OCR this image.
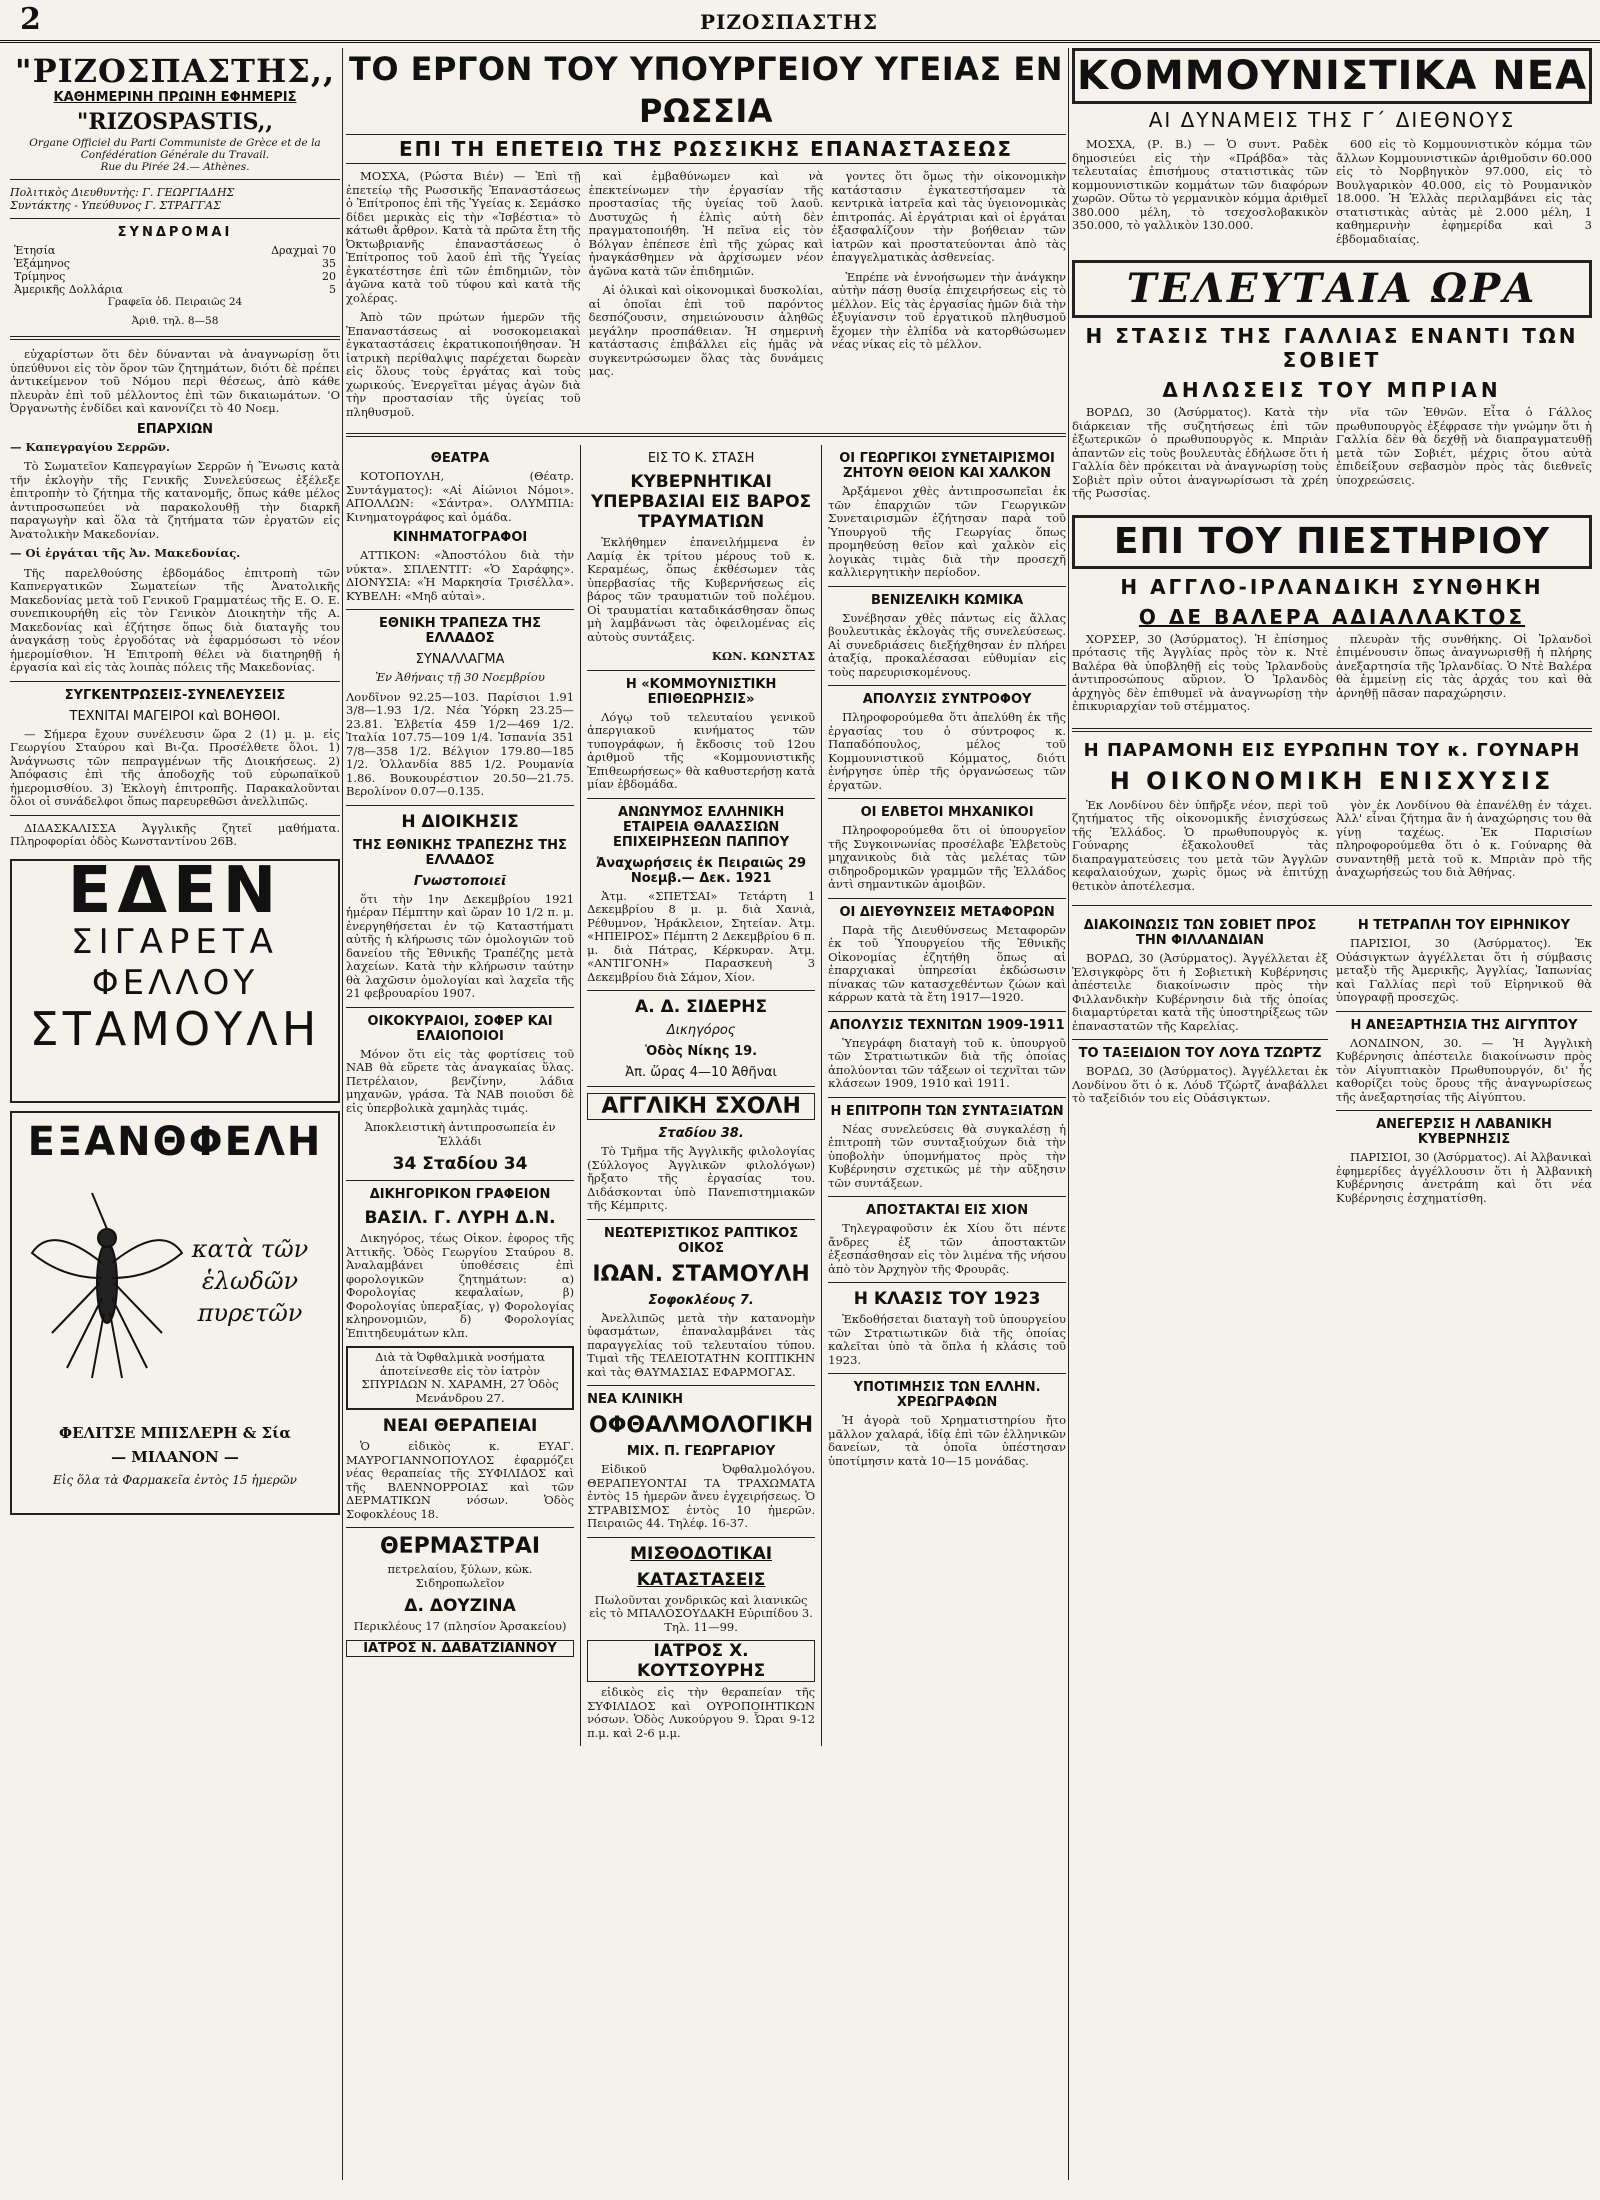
2	ΡΙΖΟΣΠΑΣΤΗΣ
"ΡΙΖΟΣΠΑΣΤΗΣ,,
ΚΑΘΗΜΕΡΙΝΗ ΠΡΩΙΝΗ ΕΦΗΜΕΡΙΣ
"RIZOSPASTIS,,
Organe Officiel du Parti Communiste de Grèce et de la Confédération Générale du Travail.
Rue du Pirée 24.— Athènes.
Πολιτικὸς Διευθυντὴς: Γ. ΓΕΩΡΓΙΑΔΗΣ
Συντάκτης - Υπεύθυνος Γ. ΣΤΡΑΓΓΑΣ
ΣΥΝΔΡΟΜΑΙ
Ἐτησία	Δραχμαὶ 70
Ἑξάμηνος	35
Τρίμηνος	20
Ἀμερικῆς Δολλάρια	5
Γραφεῖα ὁδ. Πειραιῶς 24
Ἀριθ. τηλ. 8—58

εὐχαρίστων ὅτι δὲν δύνανται νὰ ἀναγνωρίσῃ ὅτι ὑπεύθυνοι εἰς τὸν ὅρον τῶν ζητημάτων, διότι δὲ πρέπει ἀντικείμενον τοῦ Νόμου περὶ θέσεως, ἀπὸ κάθε πλευρὰν ἐπὶ τοῦ μέλλοντος ἐπὶ τῶν δικαιωμάτων. 'Ο Ὀργανωτὴς ἐνδίδει καὶ κανονίζει τὸ 40 Νοεμ.

ΕΠΑΡΧΙΩΝ

— Καπεγραγίου Σερρῶν.

Τὸ Σωματεῖον Καπεγραγίων Σερρῶν ἠ Ἕνωσις κατὰ τῆν ἐκλογὴν τῆς Γενικῆς Συνελεύσεως ἐξέλεξε ἐπιτροπὴν τὸ ζήτημα τῆς κατανομῆς, ὅπως κάθε μέλος ἀντιπροσωπεύει νὰ παρακολουθῇ τὴν διαρκῆ παραγωγὴν καὶ ὅλα τὰ ζητήματα τῶν ἐργατῶν εἰς Ἀνατολικὴν Μακεδονίαν.

— Οἱ ἐργάται τῆς Ἀν. Μακεδονίας.

Τῆς παρελθούσης ἑβδομάδος ἐπιτροπὴ τῶν Καπνεργατικῶν Σωματείων τῆς Ἀνατολικῆς Μακεδονίας μετὰ τοῦ Γενικοῦ Γραμματέως τῆς Ε. Ο. Ε. συνεπικουρήθη εἰς τὸν Γενικὸν Διοικητὴν τῆς Α. Μακεδονίας καὶ ἐζήτησε ὅπως διὰ διαταγῆς του ἀναγκάσῃ τοὺς ἐργοδότας νὰ ἐφαρμόσωσι τὸ νέον ἡμερομίσθιον. Ἡ Ἐπιτροπὴ θέλει νὰ διατηρηθῇ ἡ ἐργασία καὶ εἰς τὰς λοιπὰς πόλεις τῆς Μακεδονίας.

ΣΥΓΚΕΝΤΡΩΣΕΙΣ-ΣΥΝΕΛΕΥΣΕΙΣ
ΤΕΧΝΙΤΑΙ ΜΑΓΕΙΡΟΙ καὶ ΒΟΗΘΟΙ.

— Σήμερα ἔχουν συνέλευσιν ὥρα 2 (1) μ. μ. εἰς Γεωργίου Σταύρου καὶ Βι-ζα. Προσέλθετε ὅλοι. 1) Ἀνάγνωσις τῶν πεπραγμένων τῆς Διοικήσεως. 2) Ἀπόφασις ἐπὶ τῆς ἀποδοχῆς τοῦ εὐρωπαϊκοῦ ἡμερομισθίου. 3) Ἐκλογὴ ἐπιτροπῆς. Παρακαλοῦνται ὅλοι οἱ συνάδελφοι ὅπως παρευρεθῶσι ἀνελλιπῶς.

ΔΙΔΑΣΚΑΛΙΣΣΑ Ἀγγλικῆς ζητεῖ μαθήματα. Πληροφορίαι ὁδὸς Κωνσταντίνου 26Β.

ΕΔΕΝ
ΣΙΓΑΡΕΤΑ
ΦΕΛΛΟΥ
ΣΤΑΜΟΥΛΗ
ΕΞΑΝΘΦΕΛΗ
κατὰ τῶν ἑλωδῶν πυρετῶν
ΦΕΛΙΤΣΕ ΜΠΙΣΛΕΡΗ & Σία
— ΜΙΛΑΝΟΝ —
Εἰς ὅλα τὰ Φαρμακεῖα ἐντὸς 15 ἡμερῶν
ΤΟ ΕΡΓΟΝ ΤΟΥ ΥΠΟΥΡΓΕΙΟΥ ΥΓΕΙΑΣ ΕΝ ΡΩΣΣΙΑ
ΕΠΙ ΤΗ ΕΠΕΤΕΙΩ ΤΗΣ ΡΩΣΣΙΚΗΣ ΕΠΑΝΑΣΤΑΣΕΩΣ

ΜΟΣΧΑ, (Ρώστα Βιέν) — Ἐπὶ τῇ ἐπετείῳ τῆς Ρωσσικῆς Ἐπαναστάσεως ὁ Ἐπίτροπος ἐπὶ τῆς Ὑγείας κ. Σεμάσκο δίδει μερικὰς εἰς τὴν «Ἰσβέστια» τὸ κάτωθι ἄρθρον. Κατὰ τὰ πρῶτα ἔτη τῆς Ὀκτωβριανῆς ἐπαναστάσεως ὁ Ἐπίτροπος τοῦ λαοῦ ἐπὶ τῆς Ὑγείας ἐγκατέστησε ἐπὶ τῶν ἐπιδημιῶν, τὸν ἀγῶνα κατὰ τοῦ τύφου καὶ κατὰ τῆς χολέρας.

Ἀπὸ τῶν πρώτων ἡμερῶν τῆς Ἐπαναστάσεως αἱ νοσοκομειακαὶ ἐγκαταστάσεις ἐκρατικοποιήθησαν. Ἡ ἰατρικὴ περίθαλψις παρέχεται δωρεὰν εἰς ὅλους τοὺς ἐργάτας καὶ τοὺς χωρικούς. Ἐνεργεῖται μέγας ἀγὼν διὰ τὴν προστασίαν τῆς ὑγείας τοῦ πληθυσμοῦ.

καὶ ἐμβαθύνωμεν καὶ νὰ ἐπεκτείνωμεν τὴν ἐργασίαν τῆς προστασίας τῆς ὑγείας τοῦ λαοῦ. Δυστυχῶς ἡ ἐλπὶς αὐτὴ δὲν πραγματοποιήθη. Ἡ πεῖνα εἰς τὸν Βόλγαν ἐπέπεσε ἐπὶ τῆς χώρας καὶ ἠναγκάσθημεν νὰ ἀρχίσωμεν νέον ἀγῶνα κατὰ τῶν ἐπιδημιῶν.

Αἱ ὁλικαὶ καὶ οἰκονομικαὶ δυσκολίαι, αἱ ὁποῖαι ἐπὶ τοῦ παρόντος δεσπόζουσιν, σημειώνουσιν ἀληθῶς μεγάλην προσπάθειαν. Ἡ σημερινὴ κατάστασις ἐπιβάλλει εἰς ἡμᾶς νὰ συγκεντρώσωμεν ὅλας τὰς δυνάμεις μας.

γοντες ὅτι ὅμως τὴν οἰκονομικὴν κατάστασιν ἐγκατεστήσαμεν τὰ κεντρικὰ ἰατρεῖα καὶ τὰς ὑγειονομικὰς ἐπιτροπάς. Αἱ ἐργάτριαι καὶ οἱ ἐργάται ἐξασφαλίζουν τὴν βοήθειαν τῶν ἰατρῶν καὶ προστατεύονται ἀπὸ τὰς ἐπαγγελματικὰς ἀσθενείας.

Ἐπρέπε νὰ ἐννοήσωμεν τὴν ἀνάγκην αὐτὴν πάσῃ θυσίᾳ ἐπιχειρήσεως εἰς τὸ μέλλον. Εἰς τὰς ἐργασίας ἡμῶν διὰ τὴν ἐξυγίανσιν τοῦ ἐργατικοῦ πληθυσμοῦ ἔχομεν τὴν ἐλπίδα νὰ κατορθώσωμεν νέας νίκας εἰς τὸ μέλλον.

ΘΕΑΤΡΑ

ΚΟΤΟΠΟΥΛΗ, (Θέατρ. Συντάγματος): «Αἱ Αἰώνιοι Νόμοι». ΑΠΟΛΛΩΝ: «Σάντρα». ΟΛΥΜΠΙΑ: Κινηματογράφος καὶ ὁμάδα.

ΚΙΝΗΜΑΤΟΓΡΑΦΟΙ

ΑΤΤΙΚΟΝ: «Ἀποστόλου διὰ τὴν νύκτα». ΣΠΛΕΝΤΙΤ: «Ὁ Σαράφης». ΔΙΟΝΥΣΙΑ: «Ἡ Μαρκησία Τρισέλλα». ΚΥΒΕΛΗ: «Μηδ αὐταὶ».

ΕΘΝΙΚΗ ΤΡΑΠΕΖΑ ΤΗΣ ΕΛΛΑΔΟΣ
ΣΥΝΑΛΛΑΓΜΑ

Ἐν Ἀθήναις τῇ 30 Νοεμβρίου

Λονδῖνον 92.25—103. Παρίσιοι 1.91 3/8—1.93 1/2. Νέα Ὑόρκη 23.25—23.81. Ἑλβετία 459 1/2—469 1/2. Ἰταλία 107.75—109 1/4. Ἰσπανία 351 7/8—358 1/2. Βέλγιον 179.80—185 1/2. Ὁλλανδία 885 1/2. Ρουμανία 1.86. Βουκουρέστιον 20.50—21.75. Βερολίνον 0.07—0.135.

Η ΔΙΟΙΚΗΣΙΣ
ΤΗΣ ΕΘΝΙΚΗΣ ΤΡΑΠΕΖΗΣ ΤΗΣ ΕΛΛΑΔΟΣ
Γνωστοποιεῖ

ὅτι τὴν 1ην Δεκεμβρίου 1921 ἡμέραν Πέμπτην καὶ ὥραν 10 1/2 π. μ. ἐνεργηθήσεται ἐν τῷ Καταστήματι αὐτῆς ἡ κλήρωσις τῶν ὁμολογιῶν τοῦ δανείου τῆς Ἐθνικῆς Τραπέζης μετὰ λαχείων. Κατὰ τὴν κλήρωσιν ταύτην θὰ λαχῶσιν ὁμολογίαι καὶ λαχεῖα τῆς 21 φεβρουαρίου 1907.

ΟΙΚΟΚΥΡΑΙΟΙ, ΣΟΦΕΡ ΚΑΙ ΕΛΑΙΟΠΟΙΟΙ

Μόνον ὅτι εἰς τὰς φορτίσεις τοῦ NAB θὰ εὕρετε τὰς ἀναγκαίας ὕλας. Πετρέλαιον, βενζίνην, λάδια μηχανῶν, γράσα. Τὰ NAB ποιοῦσι δὲ εἰς ὑπερβολικὰ χαμηλὰς τιμάς.

Ἀποκλειστικὴ ἀντιπροσωπεία ἐν Ἑλλάδι

34 Σταδίου 34
ΔΙΚΗΓΟΡΙΚΟΝ ΓΡΑΦΕΙΟΝ
ΒΑΣΙΛ. Γ. ΛΥΡΗ Δ.Ν.

Δικηγόρος, τέως Οἰκον. ἐφορος τῆς Ἀττικῆς. Ὁδὸς Γεωργίου Σταύρου 8. Ἀναλαμβάνει ὑποθέσεις ἐπὶ φορολογικῶν ζητημάτων: α) Φορολογίας κεφαλαίων, β) Φορολογίας ὑπεραξίας, γ) Φορολογίας κληρονομιῶν, δ) Φορολογίας Ἐπιτηδευμάτων κλπ.

Διὰ τὰ Ὀφθαλμικὰ νοσήματα ἀποτείνεσθε εἰς τὸν ἰατρὸν ΣΠΥΡΙΔΩΝ Ν. ΧΑΡΑΜΗ, 27 Ὁδὸς Μενάνδρου 27.

ΝΕΑΙ ΘΕΡΑΠΕΙΑΙ

Ὁ εἰδικὸς κ. ΕΥΑΓ. ΜΑΥΡΟΓΙΑΝΝΟΠΟΥΛΟΣ ἐφαρμόζει νέας θεραπείας τῆς ΣΥΦΙΛΙΔΟΣ καὶ τῆς ΒΛΕΝΝΟΡΡΟΙΑΣ καὶ τῶν ΔΕΡΜΑΤΙΚΩΝ νόσων. Ὁδὸς Σοφοκλέους 18.

ΘΕΡΜΑΣΤΡΑΙ

πετρελαίου, ξύλων, κὼκ. Σιδηροπωλεῖον

Δ. ΔΟΥΖΙΝΑ

Περικλέους 17 (πλησίον Ἀρσακείου)

ΙΑΤΡΟΣ Ν. ΔΑΒΑΤΖΙΑΝΝΟΥ
ΕΙΣ ΤΟ Κ. ΣΤΑΣΗ
ΚΥΒΕΡΝΗΤΙΚΑΙ ΥΠΕΡΒΑΣΙΑΙ ΕΙΣ ΒΑΡΟΣ ΤΡΑΥΜΑΤΙΩΝ

Ἐκλήθημεν ἐπανειλήμμενα ἐν Λαμίᾳ ἐκ τρίτου μέρους τοῦ κ. Κεραμέως, ὅπως ἐκθέσωμεν τὰς ὑπερβασίας τῆς Κυβερνήσεως εἰς βάρος τῶν τραυματιῶν τοῦ πολέμου. Οἱ τραυματίαι καταδικάσθησαν ὅπως μὴ λαμβάνωσι τὰς ὀφειλομένας εἰς αὐτοὺς συντάξεις.

ΚΩΝ. ΚΩΝΣΤΑΣ

Η «ΚΟΜΜΟΥΝΙΣΤΙΚΗ ΕΠΙΘΕΩΡΗΣΙΣ»

Λόγῳ τοῦ τελευταίου γενικοῦ ἀπεργιακοῦ κινήματος τῶν τυπογράφων, ἡ ἔκδοσις τοῦ 12ου ἀριθμοῦ τῆς «Κομμουνιστικῆς Ἐπιθεωρήσεως» θὰ καθυστερήσῃ κατὰ μίαν ἑβδομάδα.

ΑΝΩΝΥΜΟΣ ΕΛΛΗΝΙΚΗ ΕΤΑΙΡΕΙΑ ΘΑΛΑΣΣΙΩΝ ΕΠΙΧΕΙΡΗΣΕΩΝ ΠΑΠΠΟΥ
Ἀναχωρήσεις ἐκ Πειραιῶς 29 Νοεμβ.— Δεκ. 1921

Ἀτμ. «ΣΠΕΤΣΑΙ» Τετάρτη 1 Δεκεμβρίου 8 μ. μ. διὰ Χανιὰ, Ρέθυμνον, Ἡράκλειον, Σητείαν. Ἀτμ. «ΗΠΕΙΡΟΣ» Πέμπτη 2 Δεκεμβρίου 6 π. μ. διὰ Πάτρας, Κέρκυραν. Ἀτμ. «ΑΝΤΙΓΟΝΗ» Παρασκευὴ 3 Δεκεμβρίου διὰ Σάμον, Χίον.

Α. Δ. ΣΙΔΕΡΗΣ
Δικηγόρος
Ὁδὸς Νίκης 19.
Ἀπ. ὥρας 4—10 Ἀθῆναι
ΑΓΓΛΙΚΗ ΣΧΟΛΗ
Σταδίου 38.

Τὸ Τμῆμα τῆς Ἀγγλικῆς φιλολογίας (Σύλλογος Ἀγγλικῶν φιλολόγων) ἤρξατο τῆς ἐργασίας του. Διδάσκονται ὑπὸ Πανεπιστημιακῶν τῆς Κέμπριτς.

ΝΕΩΤΕΡΙΣΤΙΚΟΣ ΡΑΠΤΙΚΟΣ ΟΙΚΟΣ
ΙΩΑΝ. ΣΤΑΜΟΥΛΗ
Σοφοκλέους 7.

Ἀνελλιπῶς μετὰ τὴν κατανομὴν ὑφασμάτων, ἐπαναλαμβάνει τὰς παραγγελίας τοῦ τελευταίου τύπου. Τιμαὶ τῆς ΤΕΛΕΙΟΤΑΤΗΝ ΚΟΠΤΙΚΗΝ καὶ τὰς ΘΑΥΜΑΣΙΑΣ ΕΦΑΡΜΟΓΑΣ.

ΝΕΑ ΚΛΙΝΙΚΗ
ΟΦΘΑΛΜΟΛΟΓΙΚΗ
ΜΙΧ. Π. ΓΕΩΡΓΑΡΙΟΥ

Εἰδικοῦ Ὀφθαλμολόγου. ΘΕΡΑΠΕΥΟΝΤΑΙ ΤΑ ΤΡΑΧΩΜΑΤΑ ἐντὸς 15 ἡμερῶν ἄνευ ἐγχειρήσεως. Ὁ ΣΤΡΑΒΙΣΜΟΣ ἐντὸς 10 ἡμερῶν. Πειραιῶς 44. Τηλέφ. 16-37.

ΜΙΣΘΟΔΟΤΙΚΑΙ
ΚΑΤΑΣΤΑΣΕΙΣ

Πωλοῦνται χονδρικῶς καὶ λιανικῶς εἰς τὸ ΜΠΑΛΟΣΟΥΔΑΚΗ Εὐριπίδου 3. Τηλ. 11—99.

ΙΑΤΡΟΣ Χ. ΚΟΥΤΣΟΥΡΗΣ

εἰδικὸς εἰς τὴν θεραπείαν τῆς ΣΥΦΙΛΙΔΟΣ καὶ ΟΥΡΟΠΟΙΗΤΙΚΩΝ νόσων. Ὁδὸς Λυκούργου 9. Ὧραι 9-12 π.μ. καὶ 2-6 μ.μ.

ΟΙ ΓΕΩΡΓΙΚΟΙ ΣΥΝΕΤΑΙΡΙΣΜΟΙ ΖΗΤΟΥΝ ΘΕΙΟΝ ΚΑΙ ΧΑΛΚΟΝ

Ἀρξάμενοι χθὲς ἀντιπροσωπεῖαι ἐκ τῶν ἐπαρχιῶν τῶν Γεωργικῶν Συνεταιρισμῶν ἐζήτησαν παρὰ τοῦ Ὑπουργοῦ τῆς Γεωργίας ὅπως προμηθεύσῃ θεῖον καὶ χαλκὸν εἰς λογικὰς τιμὰς διὰ τὴν προσεχῆ καλλιεργητικὴν περίοδον.

ΒΕΝΙΖΕΛΙΚΗ ΚΩΜΙΚΑ

Συνέβησαν χθὲς πάντως εἰς ἄλλας βουλευτικὰς ἐκλογὰς τῆς συνελεύσεως. Αἱ συνεδριάσεις διεξήχθησαν ἐν πλήρει ἀταξίᾳ, προκαλέσασαι εὐθυμίαν εἰς τοὺς παρευρισκομένους.

ΑΠΟΛΥΣΙΣ ΣΥΝΤΡΟΦΟΥ

Πληροφορούμεθα ὅτι ἀπελύθη ἐκ τῆς ἐργασίας του ὁ σύντροφος κ. Παπαδόπουλος, μέλος τοῦ Κομμουνιστικοῦ Κόμματος, διότι ἐνήργησε ὑπὲρ τῆς ὀργανώσεως τῶν ἐργατῶν.

ΟΙ ΕΛΒΕΤΟΙ ΜΗΧΑΝΙΚΟΙ

Πληροφορούμεθα ὅτι οἱ ὑπουργεῖον τῆς Συγκοινωνίας προσέλαβε Ἐλβετοὺς μηχανικοὺς διὰ τὰς μελέτας τῶν σιδηροδρομικῶν γραμμῶν τῆς Ἑλλάδος ἀντὶ σημαντικῶν ἀμοιβῶν.

ΟΙ ΔΙΕΥΘΥΝΣΕΙΣ ΜΕΤΑΦΟΡΩΝ

Παρὰ τῆς Διευθύνσεως Μεταφορῶν ἐκ τοῦ Ὑπουργείου τῆς Ἐθνικῆς Οἰκονομίας ἐζητήθη ὅπως αἱ ἐπαρχιακαὶ ὑπηρεσίαι ἐκδώσωσιν πίνακας τῶν κατασχεθέντων ζώων καὶ κάρρων κατὰ τὰ ἔτη 1917—1920.

ΑΠΟΛΥΣΙΣ ΤΕΧΝΙΤΩΝ 1909-1911

Ὑπεγράφη διαταγὴ τοῦ κ. ὑπουργοῦ τῶν Στρατιωτικῶν διὰ τῆς ὁποίας ἀπολύονται τῶν τάξεων οἱ τεχνῖται τῶν κλάσεων 1909, 1910 καὶ 1911.

Η ΕΠΙΤΡΟΠΗ ΤΩΝ ΣΥΝΤΑΞΙΑΤΩΝ

Νέας συνελεύσεις θὰ συγκαλέσῃ ἡ ἐπιτροπὴ τῶν συνταξιούχων διὰ τὴν ὑποβολὴν ὑπομνήματος πρὸς τὴν Κυβέρνησιν σχετικῶς μὲ τὴν αὔξησιν τῶν συντάξεων.

ΑΠΟΣΤΑΚΤΑΙ ΕΙΣ ΧΙΟΝ

Τηλεγραφοῦσιν ἐκ Χίου ὅτι πέντε ἄνδρες ἐξ τῶν ἀποστακτῶν ἐξεσπάσθησαν εἰς τὸν λιμένα τῆς νήσου ἀπὸ τὸν Ἀρχηγὸν τῆς Φρουρᾶς.

Η ΚΛΑΣΙΣ ΤΟΥ 1923

Ἐκδοθήσεται διαταγὴ τοῦ ὑπουργείου τῶν Στρατιωτικῶν διὰ τῆς ὁποίας καλεῖται ὑπὸ τὰ ὅπλα ἡ κλάσις τοῦ 1923.

ΥΠΟΤΙΜΗΣΙΣ ΤΩΝ ΕΛΛΗΝ. ΧΡΕΩΓΡΑΦΩΝ

Ἡ ἀγορὰ τοῦ Χρηματιστηρίου ἤτο μᾶλλον χαλαρά, ἰδίᾳ ἐπὶ τῶν ἑλληνικῶν δανείων, τὰ ὁποῖα ὑπέστησαν ὑποτίμησιν κατὰ 10—15 μονάδας.

ΚΟΜΜΟΥΝΙΣΤΙΚΑ ΝΕΑ
ΑΙ ΔΥΝΑΜΕΙΣ ΤΗΣ Γ΄ ΔΙΕΘΝΟΥΣ

ΜΟΣΧΑ, (Ρ. Β.) — Ὁ συντ. Ραδὲκ δημοσιεύει εἰς τὴν «Πράβδα» τὰς τελευταίας ἐπισήμους στατιστικὰς τῶν κομμουνιστικῶν κομμάτων τῶν διαφόρων χωρῶν. Οὕτω τὸ γερμανικὸν κόμμα ἀριθμεῖ 380.000 μέλη, τὸ τσεχοσλοβακικὸν 350.000, τὸ γαλλικὸν 130.000.

600 εἰς τὸ Κομμουνιστικὸν κόμμα τῶν ἄλλων Κομμουνιστικῶν ἀριθμοῦσιν 60.000 εἰς τὸ Νορβηγικὸν 97.000, εἰς τὸ Βουλγαρικὸν 40.000, εἰς τὸ Ρουμανικὸν 18.000. Ἡ Ἑλλὰς περιλαμβάνει εἰς τὰς στατιστικὰς αὐτὰς μὲ 2.000 μέλη, 1 καθημερινὴν ἐφημερίδα καὶ 3 ἑβδομαδιαίας.

ΤΕΛΕΥΤΑΙΑ ΩΡΑ
Η ΣΤΑΣΙΣ ΤΗΣ ΓΑΛΛΙΑΣ ΕΝΑΝΤΙ ΤΩΝ ΣΟΒΙΕΤ
ΔΗΛΩΣΕΙΣ ΤΟΥ ΜΠΡΙΑΝ

ΒΟΡΔΩ, 30 (Ἀσύρματος). Κατὰ τὴν διάρκειαν τῆς συζητήσεως ἐπὶ τῶν ἐξωτερικῶν ὁ πρωθυπουργὸς κ. Μπριὰν ἀπαντῶν εἰς τοὺς βουλευτὰς ἐδήλωσε ὅτι ἡ Γαλλία δὲν πρόκειται νὰ ἀναγνωρίσῃ τοὺς Σοβιὲτ πρὶν οὗτοι ἀναγνωρίσωσι τὰ χρέη τῆς Ρωσσίας.

νῖα τῶν Ἐθνῶν. Εἶτα ὁ Γάλλος πρωθυπουργὸς ἐξέφρασε τὴν γνώμην ὅτι ἡ Γαλλία δὲν θὰ δεχθῇ νὰ διαπραγματευθῇ μετὰ τῶν Σοβιέτ, μέχρις ὅτου αὐτὰ ἐπιδείξουν σεβασμὸν πρὸς τὰς διεθνεῖς ὑποχρεώσεις.

ΕΠΙ ΤΟΥ ΠΙΕΣΤΗΡΙΟΥ
Η ΑΓΓΛΟ-ΙΡΛΑΝΔΙΚΗ ΣΥΝΘΗΚΗ
Ο ΔΕ ΒΑΛΕΡΑ ΑΔΙΑΛΛΑΚΤΟΣ

ΧΟΡΣΕΡ, 30 (Ἀσύρματος). Ἡ ἐπίσημος πρότασις τῆς Ἀγγλίας πρὸς τὸν κ. Ντὲ Βαλέρα θὰ ὑποβληθῇ εἰς τοὺς Ἰρλανδοὺς ἀντιπροσώπους αὔριον. Ὁ Ἰρλανδὸς ἀρχηγὸς δὲν ἐπιθυμεῖ νὰ ἀναγνωρίσῃ τὴν ἐπικυριαρχίαν τοῦ στέμματος.

πλευρὰν τῆς συνθήκης. Οἱ Ἰρλανδοὶ ἐπιμένουσιν ὅπως ἀναγνωρισθῇ ἡ πλήρης ἀνεξαρτησία τῆς Ἰρλανδίας. Ὁ Ντὲ Βαλέρα θὰ ἐμμείνῃ εἰς τὰς ἀρχάς του καὶ θὰ ἀρνηθῇ πᾶσαν παραχώρησιν.

Η ΠΑΡΑΜΟΝΗ ΕΙΣ ΕΥΡΩΠΗΝ ΤΟΥ κ. ΓΟΥΝΑΡΗ
Η ΟΙΚΟΝΟΜΙΚΗ ΕΝΙΣΧΥΣΙΣ

Ἐκ Λονδίνου δὲν ὑπῆρξε νέον, περὶ τοῦ ζητήματος τῆς οἰκονομικῆς ἐνισχύσεως τῆς Ἑλλάδος. Ὁ πρωθυπουργὸς κ. Γούναρης ἐξακολουθεῖ τὰς διαπραγματεύσεις του μετὰ τῶν Ἀγγλῶν κεφαλαιούχων, χωρὶς ὅμως νὰ ἐπιτύχῃ θετικὸν ἀποτέλεσμα.

γὸν ἐκ Λονδίνου θὰ ἐπανέλθῃ ἐν τάχει. Ἀλλ' εἶναι ζήτημα ἂν ἡ ἀναχώρησις του θὰ γίνῃ ταχέως. Ἐκ Παρισίων πληροφορούμεθα ὅτι ὁ κ. Γούναρης θὰ συναντηθῇ μετὰ τοῦ κ. Μπριὰν πρὸ τῆς ἀναχωρήσεώς του διὰ Ἀθήνας.

ΔΙΑΚΟΙΝΩΣΙΣ ΤΩΝ ΣΟΒΙΕΤ ΠΡΟΣ ΤΗΝ ΦΙΛΛΑΝΔΙΑΝ

ΒΟΡΔΩ, 30 (Ἀσύρματος). Ἀγγέλλεται ἐξ Ἑλσιγκφὸρς ὅτι ἡ Σοβιετικὴ Κυβέρνησις ἀπέστειλε διακοίνωσιν πρὸς τὴν Φιλλανδικὴν Κυβέρνησιν διὰ τῆς ὁποίας διαμαρτύρεται κατὰ τῆς ὑποστηρίξεως τῶν ἐπαναστατῶν τῆς Καρελίας.

ΤΟ ΤΑΞΕΙΔΙΟΝ ΤΟΥ ΛΟΥΔ ΤΖΩΡΤΖ

ΒΟΡΔΩ, 30 (Ἀσύρματος). Ἀγγέλλεται ἐκ Λονδίνου ὅτι ὁ κ. Λόυδ Τζώρτζ ἀναβάλλει τὸ ταξείδιόν του εἰς Οὐάσιγκτων.

Η ΤΕΤΡΑΠΛΗ ΤΟΥ ΕΙΡΗΝΙΚΟΥ

ΠΑΡΙΣΙΟΙ, 30 (Ἀσύρματος). Ἐκ Οὐάσιγκτων ἀγγέλλεται ὅτι ἡ σύμβασις μεταξὺ τῆς Ἀμερικῆς, Ἀγγλίας, Ἰαπωνίας καὶ Γαλλίας περὶ τοῦ Εἰρηνικοῦ θὰ ὑπογραφῇ προσεχῶς.

Η ΑΝΕΞΑΡΤΗΣΙΑ ΤΗΣ ΑΙΓΥΠΤΟΥ

ΛΟΝΔΙΝΟΝ, 30. — Ἡ Ἀγγλικὴ Κυβέρνησις ἀπέστειλε διακοίνωσιν πρὸς τὸν Αἰγυπτιακὸν Πρωθυπουργόν, δι' ἧς καθορίζει τοὺς ὅρους τῆς ἀναγνωρίσεως τῆς ἀνεξαρτησίας τῆς Αἰγύπτου.

ΑΝΕΓΕΡΣΙΣ Η ΛΑΒΑΝΙΚΗ ΚΥΒΕΡΝΗΣΙΣ

ΠΑΡΙΣΙΟΙ, 30 (Ἀσύρματος). Αἱ Ἀλβανικαὶ ἐφημερίδες ἀγγέλλουσιν ὅτι ἡ Ἀλβανικὴ Κυβέρνησις ἀνετράπη καὶ ὅτι νέα Κυβέρνησις ἐσχηματίσθη.
